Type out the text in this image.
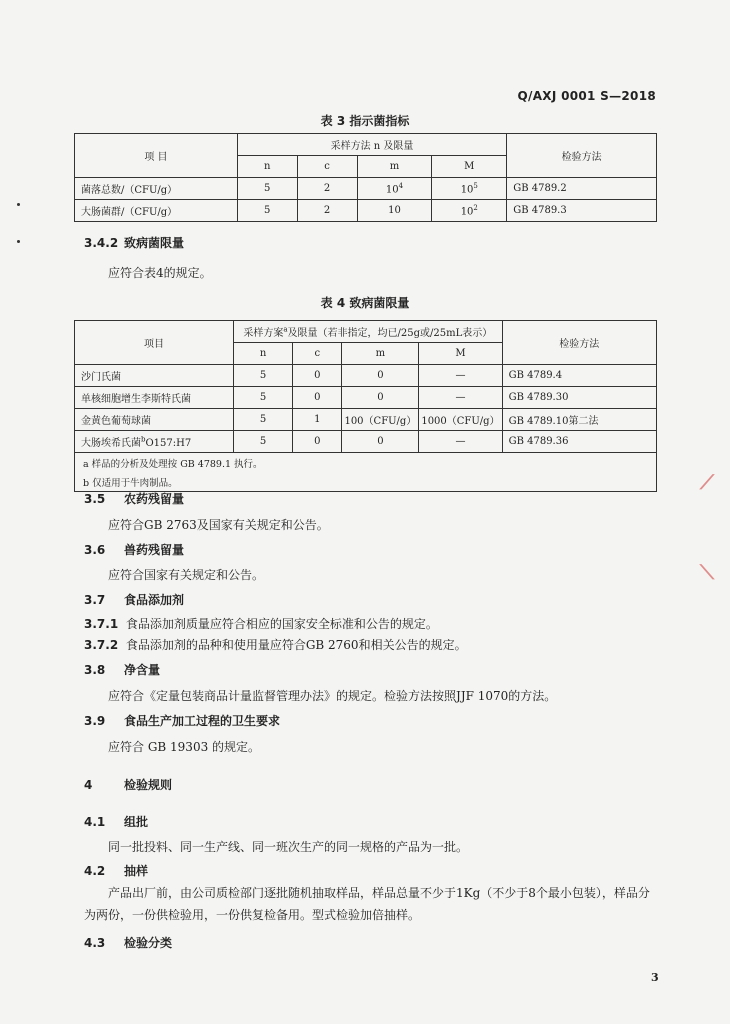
Q/AXJ 0001 S—2018
表 3 指示菌指标
项 目	采样方法 n 及限量				检验方法
	n	c	m	M	
菌落总数/（CFU/g）	5	2	$10^4$	$10^5$	GB 4789.2
大肠菌群/（CFU/g）	5	2	10	$10^2$	GB 4789.3
3.4.2 致病菌限量
应符合表4的规定。
表 4 致病菌限量
项目	采样方案$^a$及限量（若非指定，均已/25g或/25mL表示）				检验方法
	n	c	m	M	
沙门氏菌	5	0	0	—	GB 4789.4
单核细胞增生李斯特氏菌	5	0	0	—	GB 4789.30
金黄色葡萄球菌	5	1	100（CFU/g）	1000（CFU/g）	GB 4789.10第二法
大肠埃希氏菌$^b$O157:H7	5	0	0	—	GB 4789.36
a 样品的分析及处理按 GB 4789.1 执行。					
b 仅适用于牛肉制品。					
3.5 农药残留量
应符合GB 2763及国家有关规定和公告。
3.6 兽药残留量
应符合国家有关规定和公告。
3.7 食品添加剂
3.7.1 食品添加剂质量应符合相应的国家安全标准和公告的规定。
3.7.2 食品添加剂的品种和使用量应符合GB 2760和相关公告的规定。
3.8 净含量
应符合《定量包装商品计量监督管理办法》的规定。检验方法按照JJF 1070的方法。
3.9 食品生产加工过程的卫生要求
应符合 GB 19303 的规定。
4	检验规则
4.1 组批
同一批投料、同一生产线、同一班次生产的同一规格的产品为一批。
4.2 抽样
产品出厂前，由公司质检部门逐批随机抽取样品，样品总量不少于1Kg（不少于8个最小包装），样品分为两份，一份供检验用，一份供复检备用。型式检验加倍抽样。
4.3 检验分类
3
⟋
⟍
